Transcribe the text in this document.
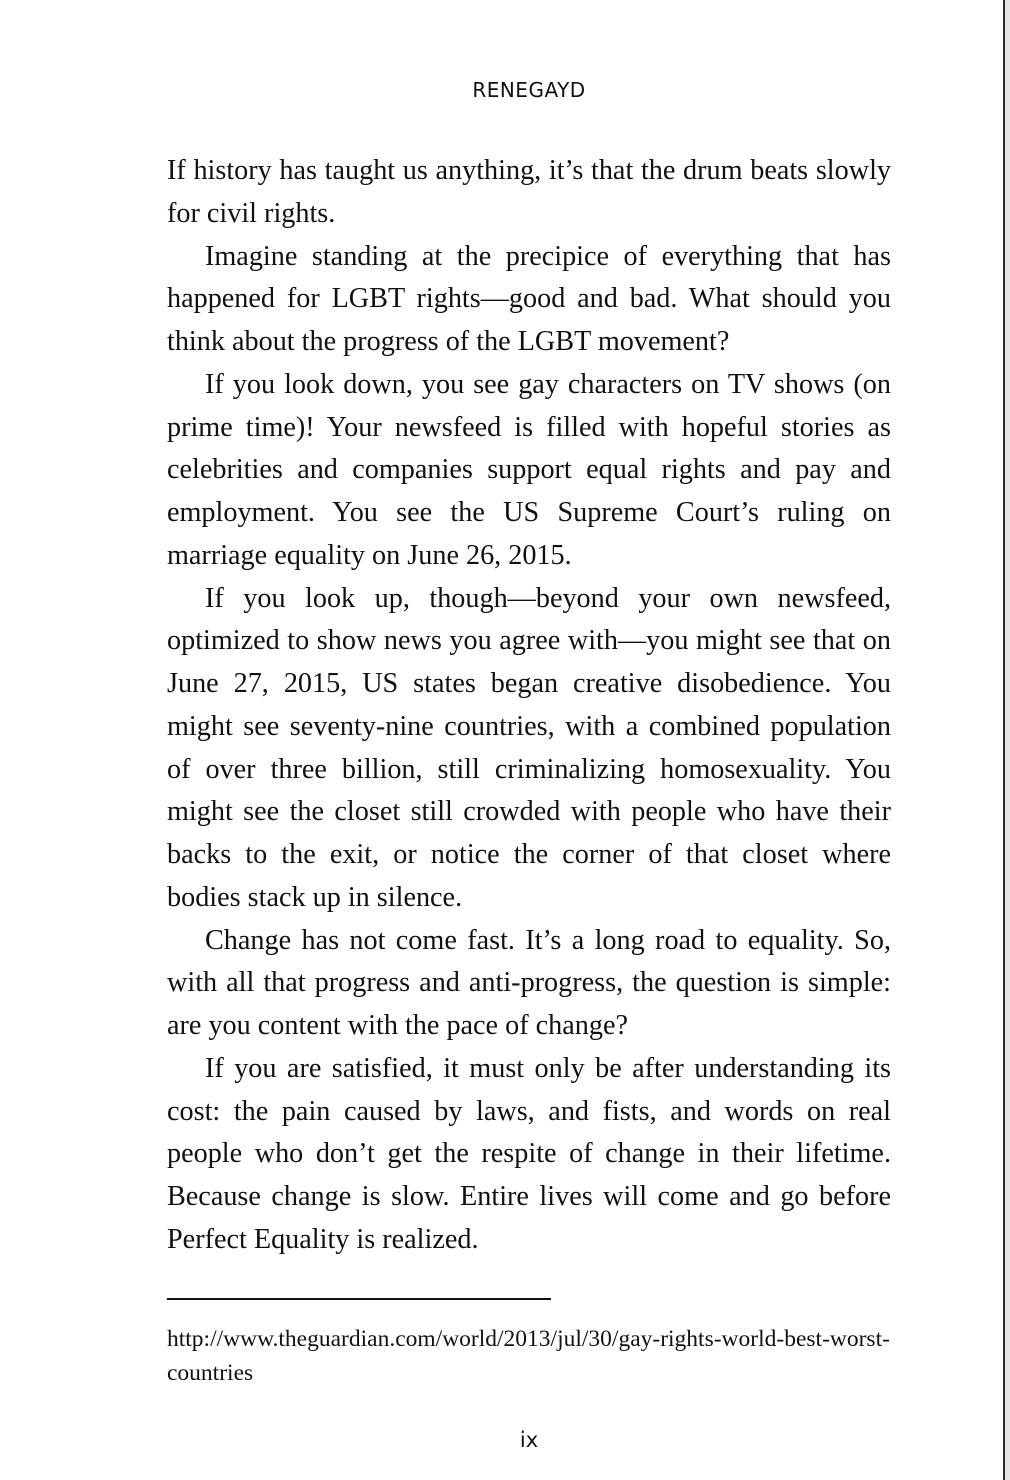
RENEGAYD

If history has taught us anything, it’s that the drum beats slowly for civil rights.

Imagine standing at the precipice of everything that has happened for LGBT rights—good and bad. What should you think about the progress of the LGBT movement?

If you look down, you see gay characters on TV shows (on prime time)! Your newsfeed is filled with hopeful stories as celebrities and companies support equal rights and pay and employment. You see the US Supreme Court’s ruling on marriage equality on June 26, 2015.

If you look up, though—beyond your own newsfeed, optimized to show news you agree with—you might see that on June 27, 2015, US states began creative disobedience. You might see seventy-nine countries, with a combined population of over three billion, still criminalizing homosexuality. You might see the closet still crowded with people who have their backs to the exit, or notice the corner of that closet where bodies stack up in silence.

Change has not come fast. It’s a long road to equality. So, with all that progress and anti-progress, the question is simple: are you content with the pace of change?

If you are satisfied, it must only be after understanding its cost: the pain caused by laws, and fists, and words on real people who don’t get the respite of change in their lifetime. Because change is slow. Entire lives will come and go before Perfect Equality is realized.

http://www.theguardian.com/world/2013/jul/30/gay-rights-world-best-worst-countries
ix
